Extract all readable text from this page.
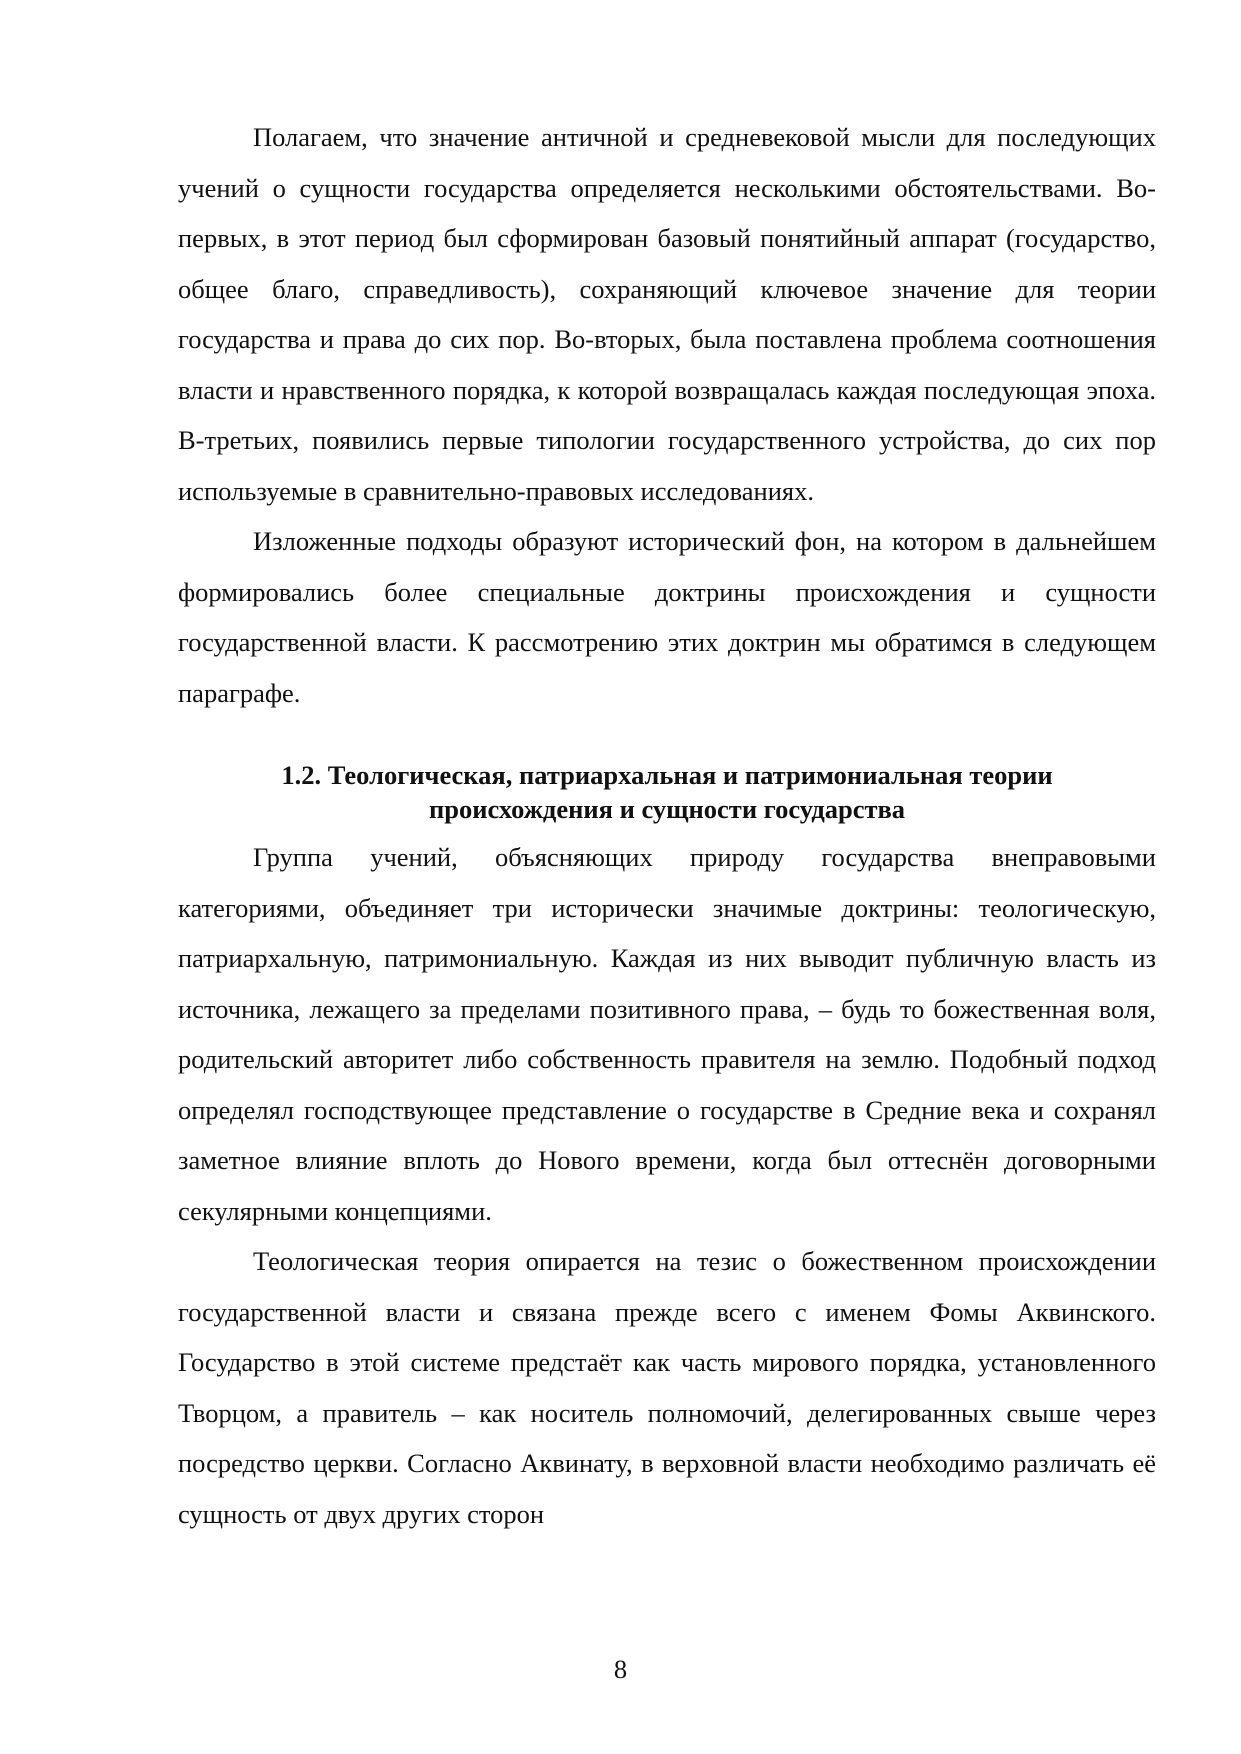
Полагаем, что значение античной и средневековой мысли для последующих учений о сущности государства определяется несколькими обстоятельствами. Во-первых, в этот период был сформирован базовый понятийный аппарат (государство, общее благо, справедливость), сохраняющий ключевое значение для теории государства и права до сих пор. Во-вторых, была поставлена проблема соотношения власти и нравственного порядка, к которой возвращалась каждая последующая эпоха. В-третьих, появились первые типологии государственного устройства, до сих пор используемые в сравнительно-правовых исследованиях.

Изложенные подходы образуют исторический фон, на котором в дальнейшем формировались более специальные доктрины происхождения и сущности государственной власти. К рассмотрению этих доктрин мы обратимся в следующем параграфе.

1.2. Теологическая, патриархальная и патримониальная теории
происхождения и сущности государства

Группа учений, объясняющих природу государства внеправовыми категориями, объединяет три исторически значимые доктрины: теологическую, патриархальную, патримониальную. Каждая из них выводит публичную власть из источника, лежащего за пределами позитивного права, – будь то божественная воля, родительский авторитет либо собственность правителя на землю. Подобный подход определял господствующее представление о государстве в Средние века и сохранял заметное влияние вплоть до Нового времени, когда был оттеснён договорными секулярными концепциями.

Теологическая теория опирается на тезис о божественном происхождении государственной власти и связана прежде всего с именем Фомы Аквинского. Государство в этой системе предстаёт как часть мирового порядка, установленного Творцом, а правитель – как носитель полномочий, делегированных свыше через посредство церкви. Согласно Аквинату, в верховной власти необходимо различать её сущность от двух других сторон

8
